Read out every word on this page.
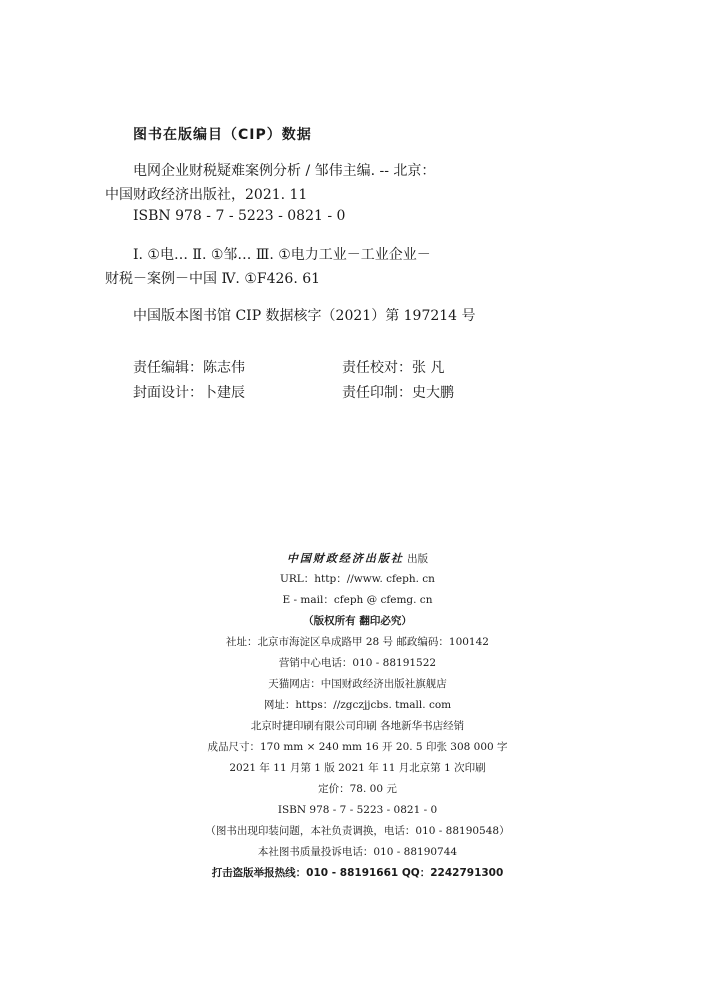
图书在版编目（CIP）数据
电网企业财税疑难案例分析 / 邹伟主编. -- 北京：
中国财政经济出版社，2021. 11
ISBN 978 - 7 - 5223 - 0821 - 0
Ⅰ. ①电… Ⅱ. ①邹… Ⅲ. ①电力工业－工业企业－
财税－案例－中国 Ⅳ. ①F426. 61
中国版本图书馆 CIP 数据核字（2021）第 197214 号
责任编辑：陈志伟	责任校对：张 凡
封面设计：卜建辰	责任印制：史大鹏
中国财政经济出版社 出版
URL：http：//www. cfeph. cn
E - mail：cfeph @ cfemg. cn
（版权所有 翻印必究）
社址：北京市海淀区阜成路甲 28 号 邮政编码：100142
营销中心电话：010 - 88191522
天猫网店：中国财政经济出版社旗舰店
网址：https：//zgczjjcbs. tmall. com
北京时捷印刷有限公司印刷 各地新华书店经销
成品尺寸：170 mm × 240 mm 16 开 20. 5 印张 308 000 字
2021 年 11 月第 1 版 2021 年 11 月北京第 1 次印刷
定价：78. 00 元
ISBN 978 - 7 - 5223 - 0821 - 0
（图书出现印装问题，本社负责调换，电话：010 - 88190548）
本社图书质量投诉电话：010 - 88190744
打击盗版举报热线：010 - 88191661 QQ：2242791300
